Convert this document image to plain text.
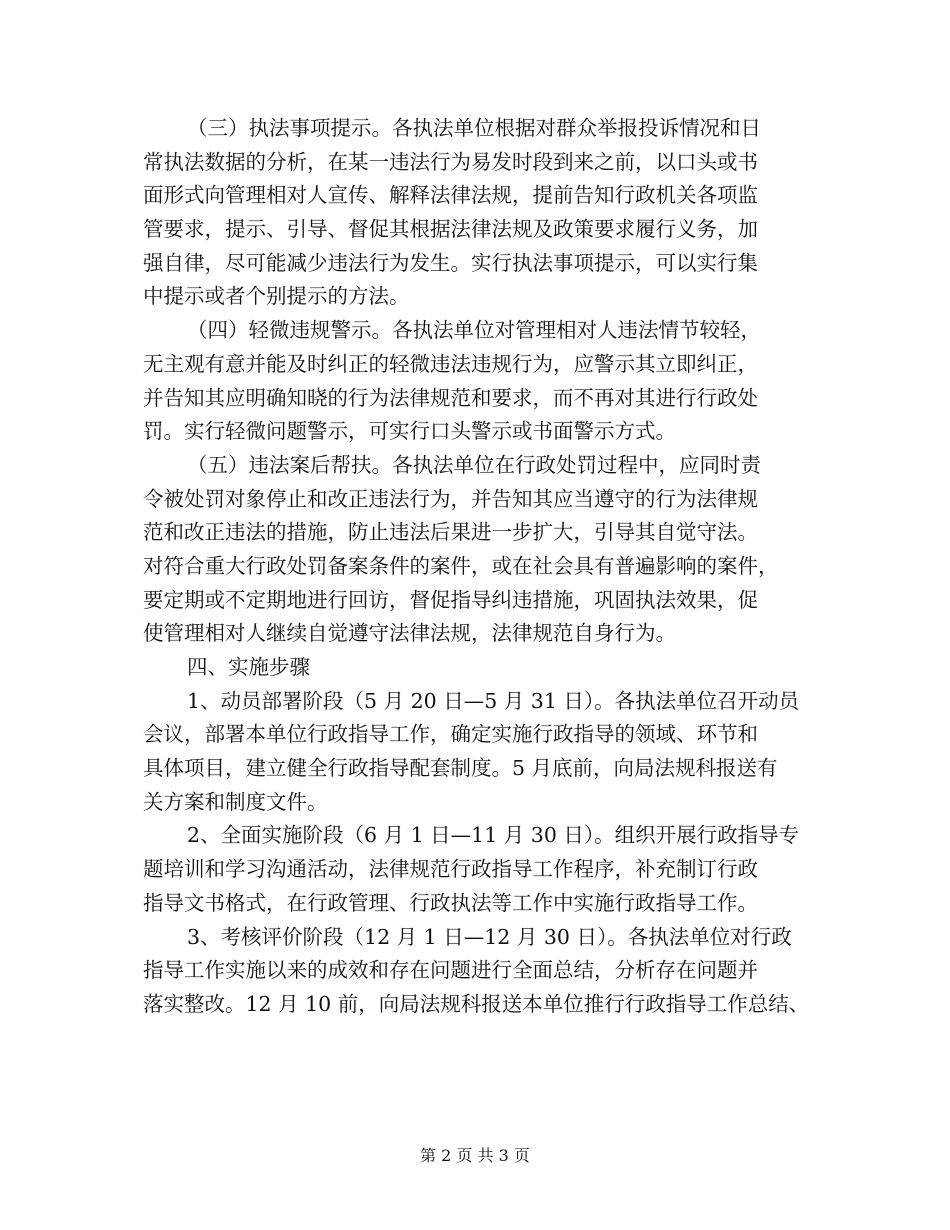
（三）执法事项提示。各执法单位根据对群众举报投诉情况和日
常执法数据的分析，在某一违法行为易发时段到来之前，以口头或书
面形式向管理相对人宣传、解释法律法规，提前告知行政机关各项监
管要求，提示、引导、督促其根据法律法规及政策要求履行义务，加
强自律，尽可能减少违法行为发生。实行执法事项提示，可以实行集
中提示或者个别提示的方法。
（四）轻微违规警示。各执法单位对管理相对人违法情节较轻，
无主观有意并能及时纠正的轻微违法违规行为，应警示其立即纠正，
并告知其应明确知晓的行为法律规范和要求，而不再对其进行行政处
罚。实行轻微问题警示，可实行口头警示或书面警示方式。
（五）违法案后帮扶。各执法单位在行政处罚过程中，应同时责
令被处罚对象停止和改正违法行为，并告知其应当遵守的行为法律规
范和改正违法的措施，防止违法后果进一步扩大，引导其自觉守法。
对符合重大行政处罚备案条件的案件，或在社会具有普遍影响的案件，
要定期或不定期地进行回访，督促指导纠违措施，巩固执法效果，促
使管理相对人继续自觉遵守法律法规，法律规范自身行为。
四、实施步骤
1、动员部署阶段（5 月 20 日—5 月 31 日）。各执法单位召开动员
会议，部署本单位行政指导工作，确定实施行政指导的领域、环节和
具体项目，建立健全行政指导配套制度。5 月底前，向局法规科报送有
关方案和制度文件。
2、全面实施阶段（6 月 1 日—11 月 30 日）。组织开展行政指导专
题培训和学习沟通活动，法律规范行政指导工作程序，补充制订行政
指导文书格式，在行政管理、行政执法等工作中实施行政指导工作。
3、考核评价阶段（12 月 1 日—12 月 30 日）。各执法单位对行政
指导工作实施以来的成效和存在问题进行全面总结，分析存在问题并
落实整改。12 月 10 前，向局法规科报送本单位推行行政指导工作总结、
第 2 页 共 3 页
